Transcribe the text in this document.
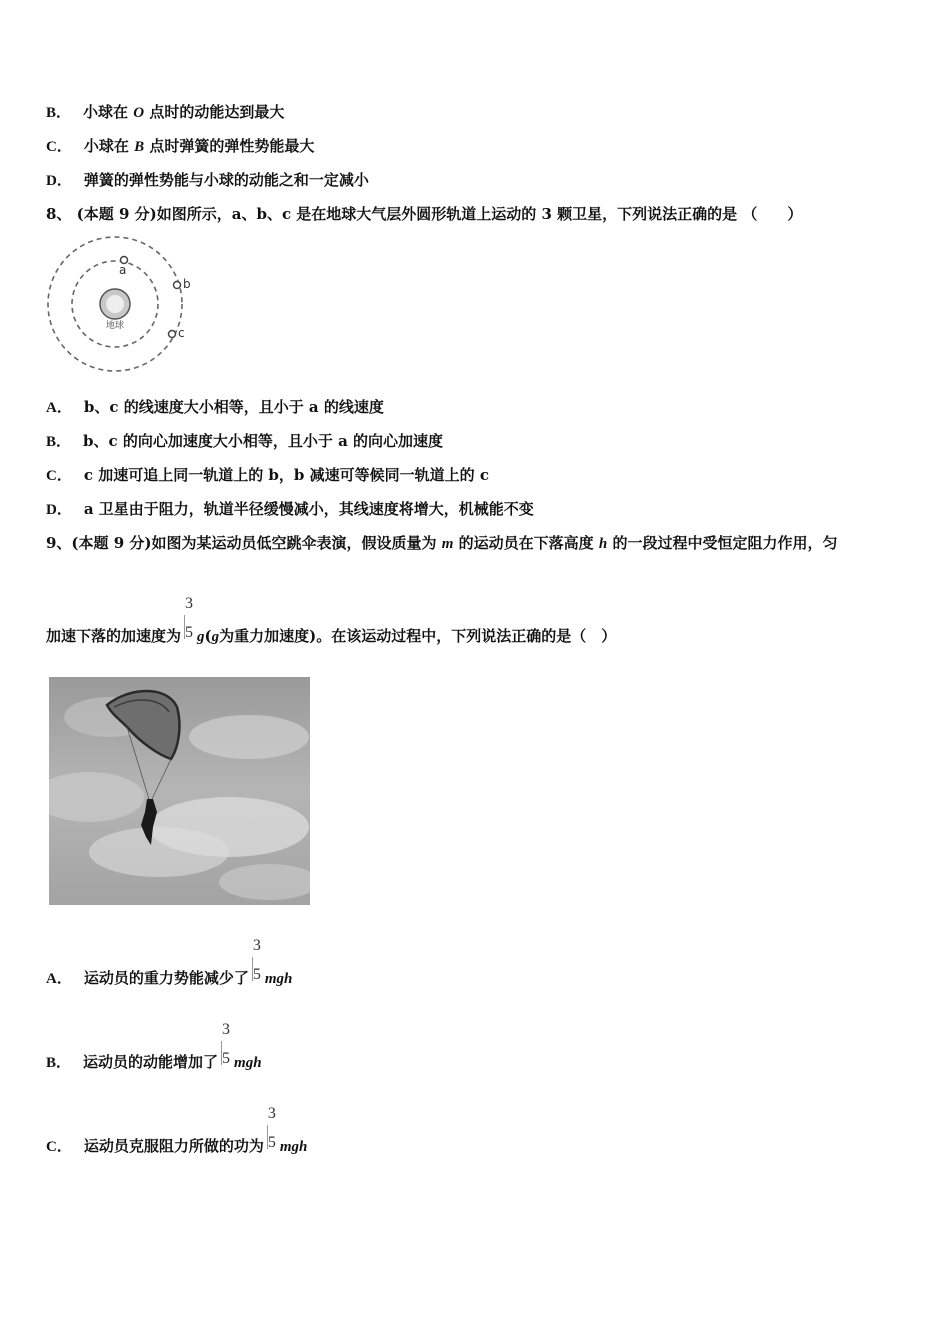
B． 小球在 O 点时的动能达到最大
C． 小球在 B 点时弹簧的弹性势能最大
D． 弹簧的弹性势能与小球的动能之和一定减小
8、 (本题 9 分)如图所示，a、b、c 是在地球大气层外圆形轨道上运动的 3 颗卫星，下列说法正确的是 （　　）
地球
a
b
c
A． b、c 的线速度大小相等，且小于 a 的线速度
B． b、c 的向心加速度大小相等，且小于 a 的向心加速度
C． c 加速可追上同一轨道上的 b，b 减速可等候同一轨道上的 c
D． a 卫星由于阻力，轨道半径缓慢减小，其线速度将增大，机械能不变
9、(本题 9 分)如图为某运动员低空跳伞表演，假设质量为 m 的运动员在下落高度 h 的一段过程中受恒定阻力作用，匀
加速下落的加速度为
3
5 g(g为重力加速度)。在该运动过程中，下列说法正确的是（　）
A． 运动员的重力势能减少了
3
5 mgh
B． 运动员的动能增加了
3
5 mgh
C． 运动员克服阻力所做的功为
3
5 mgh
